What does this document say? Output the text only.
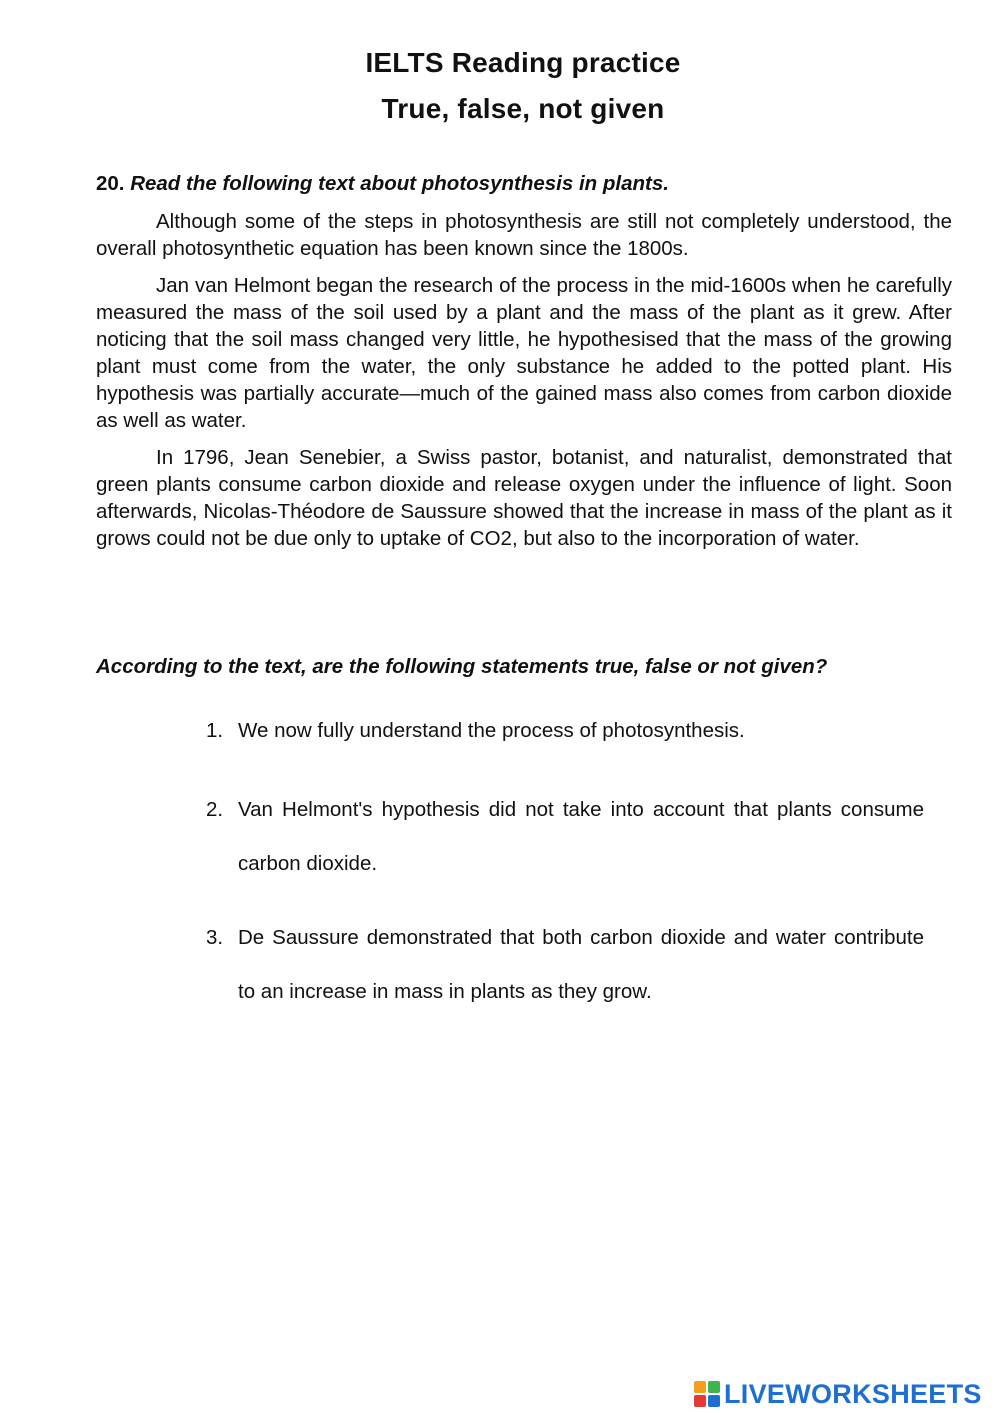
IELTS Reading practice
True, false, not given
20. Read the following text about photosynthesis in plants.

Although some of the steps in photosynthesis are still not completely understood, the overall photosynthetic equation has been known since the 1800s.

Jan van Helmont began the research of the process in the mid-1600s when he carefully measured the mass of the soil used by a plant and the mass of the plant as it grew. After noticing that the soil mass changed very little, he hypothesised that the mass of the growing plant must come from the water, the only substance he added to the potted plant. His hypothesis was partially accurate—much of the gained mass also comes from carbon dioxide as well as water.

In 1796, Jean Senebier, a Swiss pastor, botanist, and naturalist, demonstrated that green plants consume carbon dioxide and release oxygen under the influence of light. Soon afterwards, Nicolas-Théodore de Saussure showed that the increase in mass of the plant as it grows could not be due only to uptake of CO2, but also to the incorporation of water.

According to the text, are the following statements true, false or not given?
1. We now fully understand the process of photosynthesis.
2. Van Helmont's hypothesis did not take into account that plants consume carbon dioxide.
3. De Saussure demonstrated that both carbon dioxide and water contribute to an increase in mass in plants as they grow.
LIVEWORKSHEETS
